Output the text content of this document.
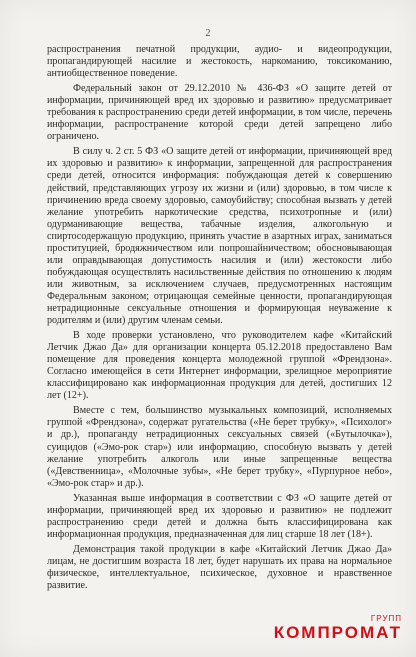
2

распространения печатной продукции, аудио- и видеопродукции, пропагандирующей насилие и жестокость, наркоманию, токсикоманию, антиобщественное поведение.

Федеральный закон от 29.12.2010 № 436-ФЗ «О защите детей от информации, причиняющей вред их здоровью и развитию» предусматривает требования к распространению среди детей информации, в том числе, перечень информации, распространение которой среди детей запрещено либо ограничено.

В силу ч. 2 ст. 5 ФЗ «О защите детей от информации, причиняющей вред их здоровью и развитию» к информации, запрещенной для распространения среди детей, относится информация: побуждающая детей к совершению действий, представляющих угрозу их жизни и (или) здоровью, в том числе к причинению вреда своему здоровью, самоубийству; способная вызвать у детей желание употребить наркотические средства, психотропные и (или) одурманивающие вещества, табачные изделия, алкогольную и спиртосодержащую продукцию, принять участие в азартных играх, заниматься проституцией, бродяжничеством или попрошайничеством; обосновывающая или оправдывающая допустимость насилия и (или) жестокости либо побуждающая осуществлять насильственные действия по отношению к людям или животным, за исключением случаев, предусмотренных настоящим Федеральным законом; отрицающая семейные ценности, пропагандирующая нетрадиционные сексуальные отношения и формирующая неуважение к родителям и (или) другим членам семьи.

В ходе проверки установлено, что руководителем кафе «Китайский Летчик Джао Да» для организации концерта 05.12.2018 предоставлено Вам помещение для проведения концерта молодежной группой «Френдзона». Согласно имеющейся в сети Интернет информации, зрелищное мероприятие классифицировано как информационная продукция для детей, достигших 12 лет (12+).

Вместе с тем, большинство музыкальных композиций, исполняемых группой «Френдзона», содержат ругательства («Не берет трубку», «Психолог» и др.), пропаганду нетрадиционных сексуальных связей («Бутылочка»), суицидов («Эмо-рок стар») или информацию, способную вызвать у детей желание употребить алкоголь или иные запрещенные вещества («Девственница», «Молочные зубы», «Не берет трубку», «Пурпурное небо», «Эмо-рок стар» и др.).

Указанная выше информация в соответствии с ФЗ «О защите детей от информации, причиняющей вред их здоровью и развитию» не подлежит распространению среди детей и должна быть классифицирована как информационная продукция, предназначенная для лиц старше 18 лет (18+).

Демонстрация такой продукции в кафе «Китайский Летчик Джао Да» лицам, не достигшим возраста 18 лет, будет нарушать их права на нормальное физическое, интеллектуальное, психическое, духовное и нравственное развитие.

ГРУПП
КОМПРОМАТ
